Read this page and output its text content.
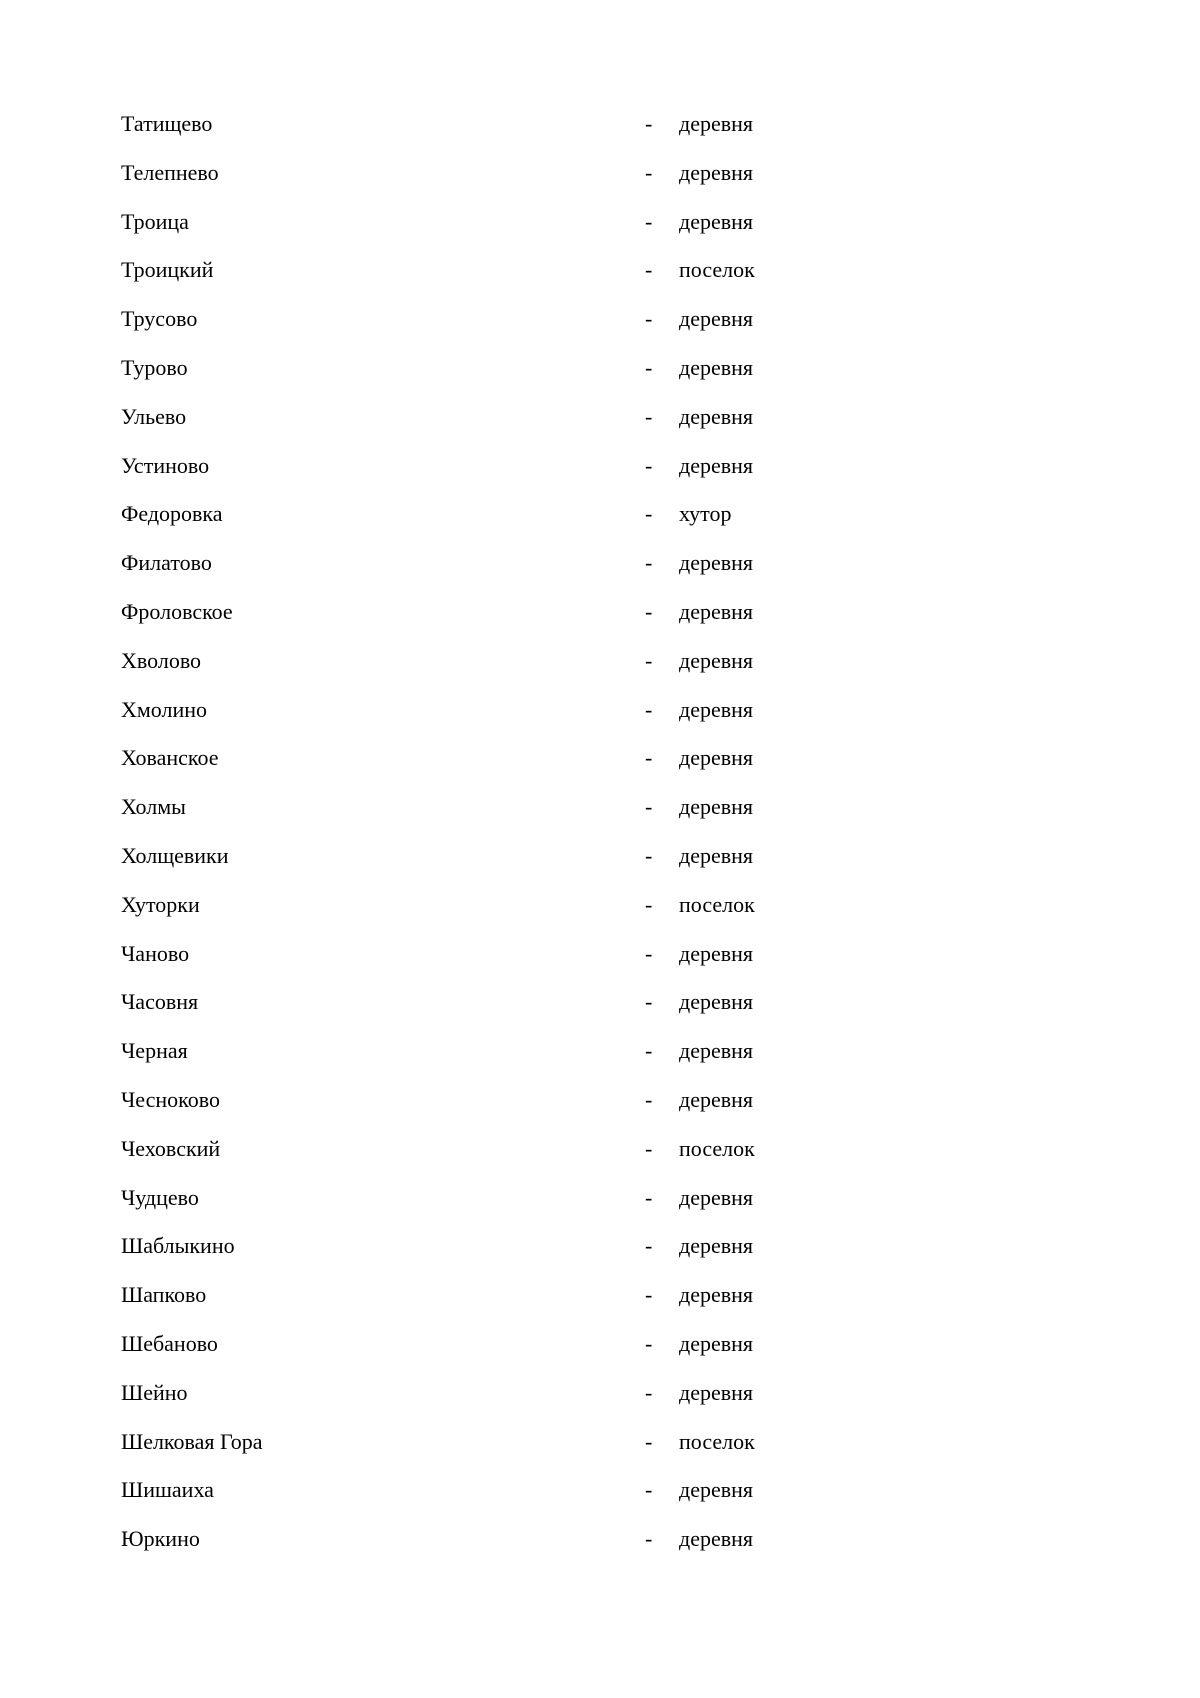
Татищево	- деревня
Телепнево	- деревня
Троица	- деревня
Троицкий	- поселок
Трусово	- деревня
Турово	- деревня
Ульево	- деревня
Устиново	- деревня
Федоровка	- хутор
Филатово	- деревня
Фроловское	- деревня
Хволово	- деревня
Хмолино	- деревня
Хованское	- деревня
Холмы	- деревня
Холщевики	- деревня
Хуторки	- поселок
Чаново	- деревня
Часовня	- деревня
Черная	- деревня
Чесноково	- деревня
Чеховский	- поселок
Чудцево	- деревня
Шаблыкино	- деревня
Шапково	- деревня
Шебаново	- деревня
Шейно	- деревня
Шелковая Гора	- поселок
Шишаиха	- деревня
Юркино	- деревня
